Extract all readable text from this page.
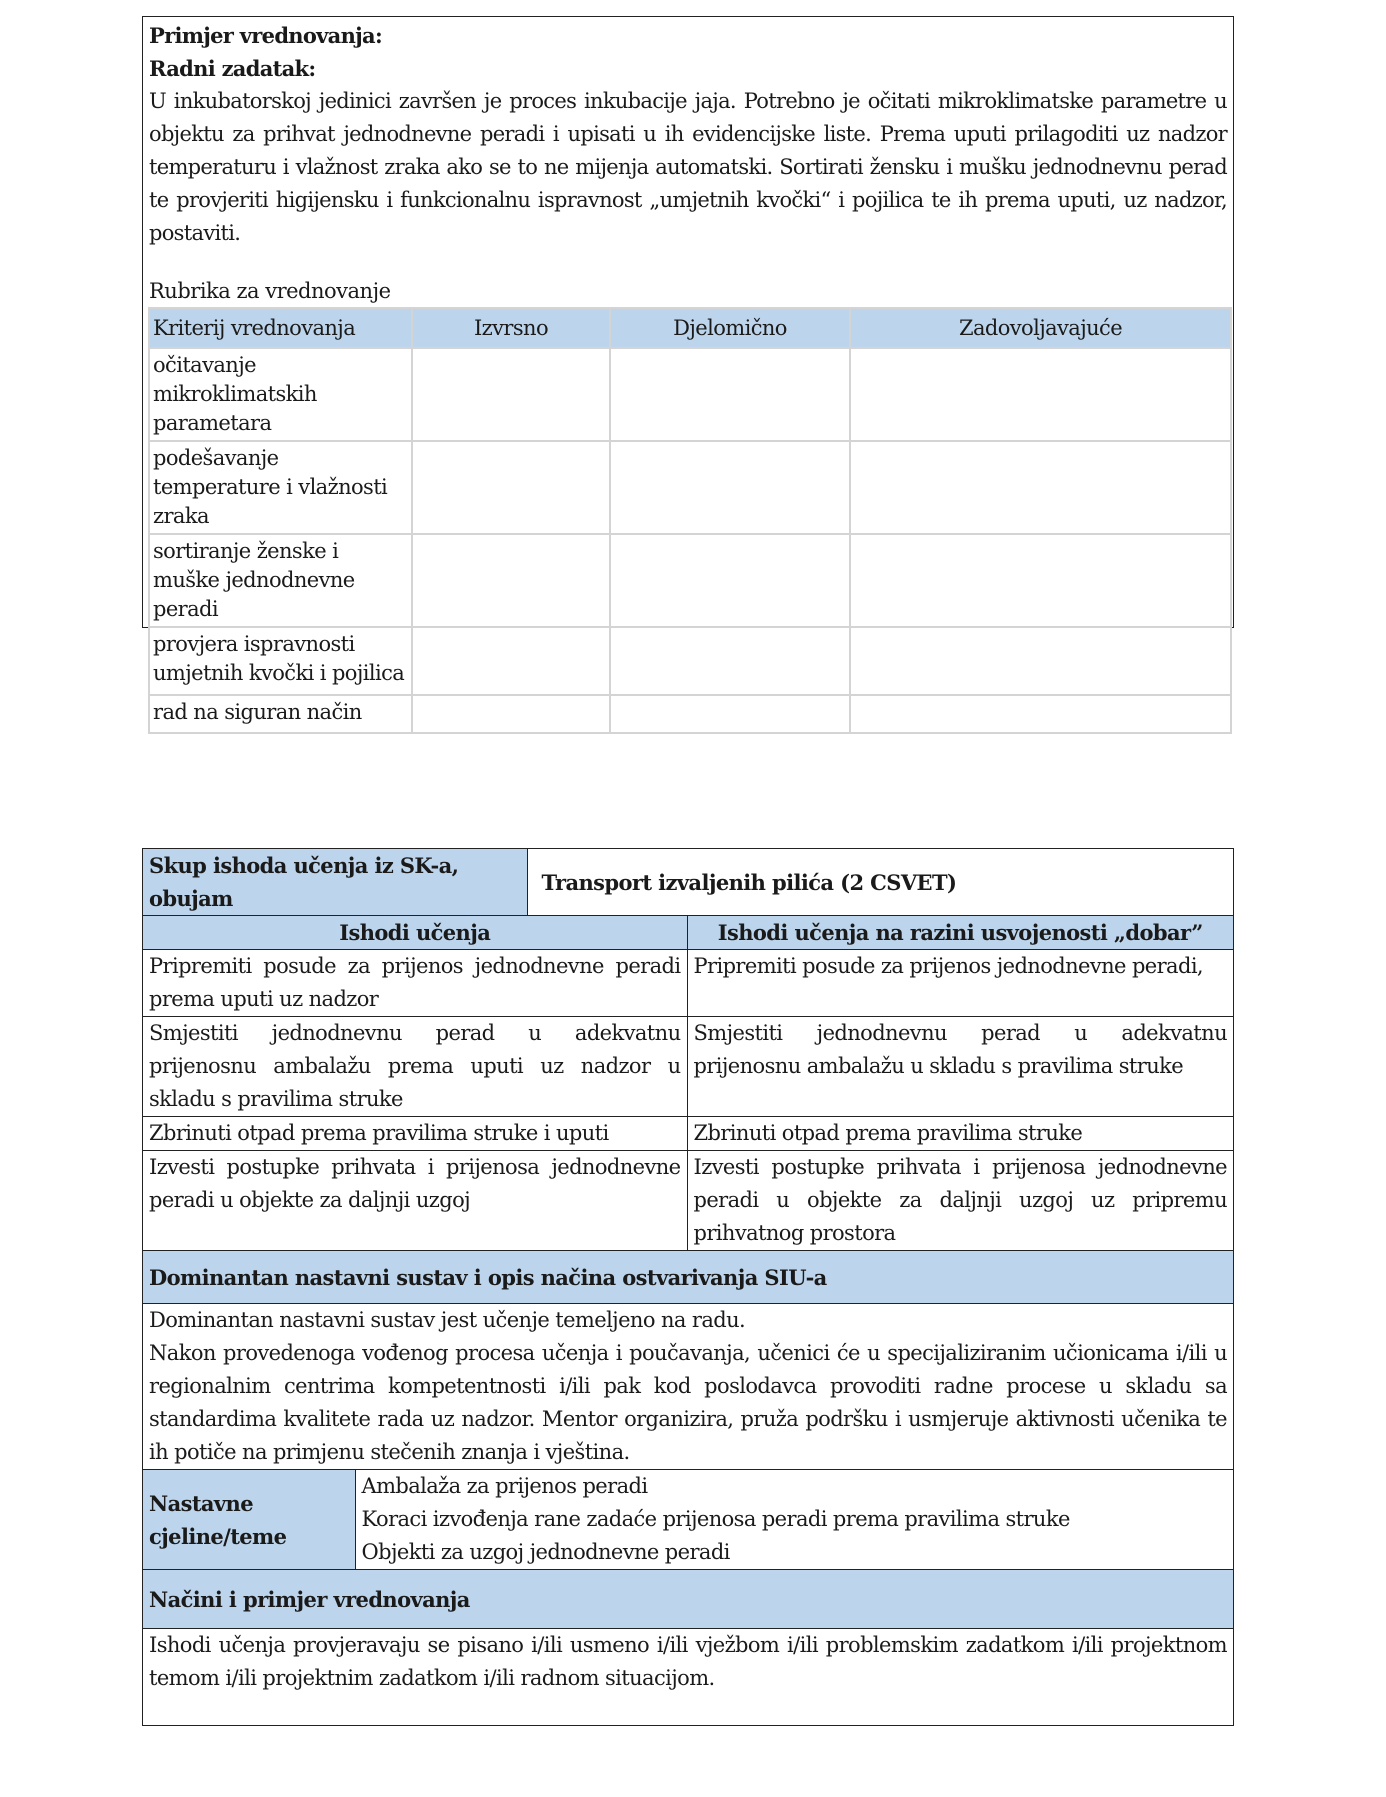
Primjer vrednovanja:
Radni zadatak:
U inkubatorskoj jedinici završen je proces inkubacije jaja. Potrebno je očitati mikroklimatske parametre u objektu za prihvat jednodnevne peradi i upisati u ih evidencijske liste. Prema uputi prilagoditi uz nadzor temperaturu i vlažnost zraka ako se to ne mijenja automatski. Sortirati žensku i mušku jednodnevnu perad te provjeriti higijensku i funkcionalnu ispravnost „umjetnih kvočki“ i pojilica te ih prema uputi, uz nadzor, postaviti.
Rubrika za vrednovanje
Kriterij vrednovanja	Izvrsno	Djelomično	Zadovoljavajuće
očitavanje mikroklimatskih parametara			
podešavanje temperature i vlažnosti zraka			
sortiranje ženske i muške jednodnevne peradi			
provjera ispravnosti umjetnih kvočki i pojilica			
rad na siguran način			
Skup ishoda učenja iz SK-a, obujam		Transport izvaljenih pilića (2 CSVET)	
Ishodi učenja			Ishodi učenja na razini usvojenosti „dobar”
Pripremiti posude za prijenos jednodnevne peradi prema uputi uz nadzor			Pripremiti posude za prijenos jednodnevne peradi,
Smjestiti jednodnevnu perad u adekvatnu prijenosnu ambalažu prema uputi uz nadzor u skladu s pravilima struke			Smjestiti jednodnevnu perad u adekvatnu prijenosnu ambalažu u skladu s pravilima struke
Zbrinuti otpad prema pravilima struke i uputi			Zbrinuti otpad prema pravilima struke
Izvesti postupke prihvata i prijenosa jednodnevne peradi u objekte za daljnji uzgoj			Izvesti postupke prihvata i prijenosa jednodnevne peradi u objekte za daljnji uzgoj uz pripremu prihvatnog prostora
Dominantan nastavni sustav i opis načina ostvarivanja SIU-a			

Dominantan nastavni sustav jest učenje temeljeno na radu.
Nakon provedenoga vođenog procesa učenja i poučavanja, učenici će u specijaliziranim učionicama i/ili u regionalnim centrima kompetentnosti i/ili pak kod poslodavca provoditi radne procese u skladu sa standardima kvalitete rada uz nadzor. Mentor organizira, pruža podršku i usmjeruje aktivnosti učenika te ih potiče na primjenu stečenih znanja i vještina.			

Nastavne
cjeline/teme

Ambalaža za prijenos peradi
Koraci izvođenja rane zadaće prijenosa peradi prema pravilima struke
Objekti za uzgoj jednodnevne peradi

Načini i primjer vrednovanja			
Ishodi učenja provjeravaju se pisano i/ili usmeno i/ili vježbom i/ili problemskim zadatkom i/ili projektnom temom i/ili projektnim zadatkom i/ili radnom situacijom.			
